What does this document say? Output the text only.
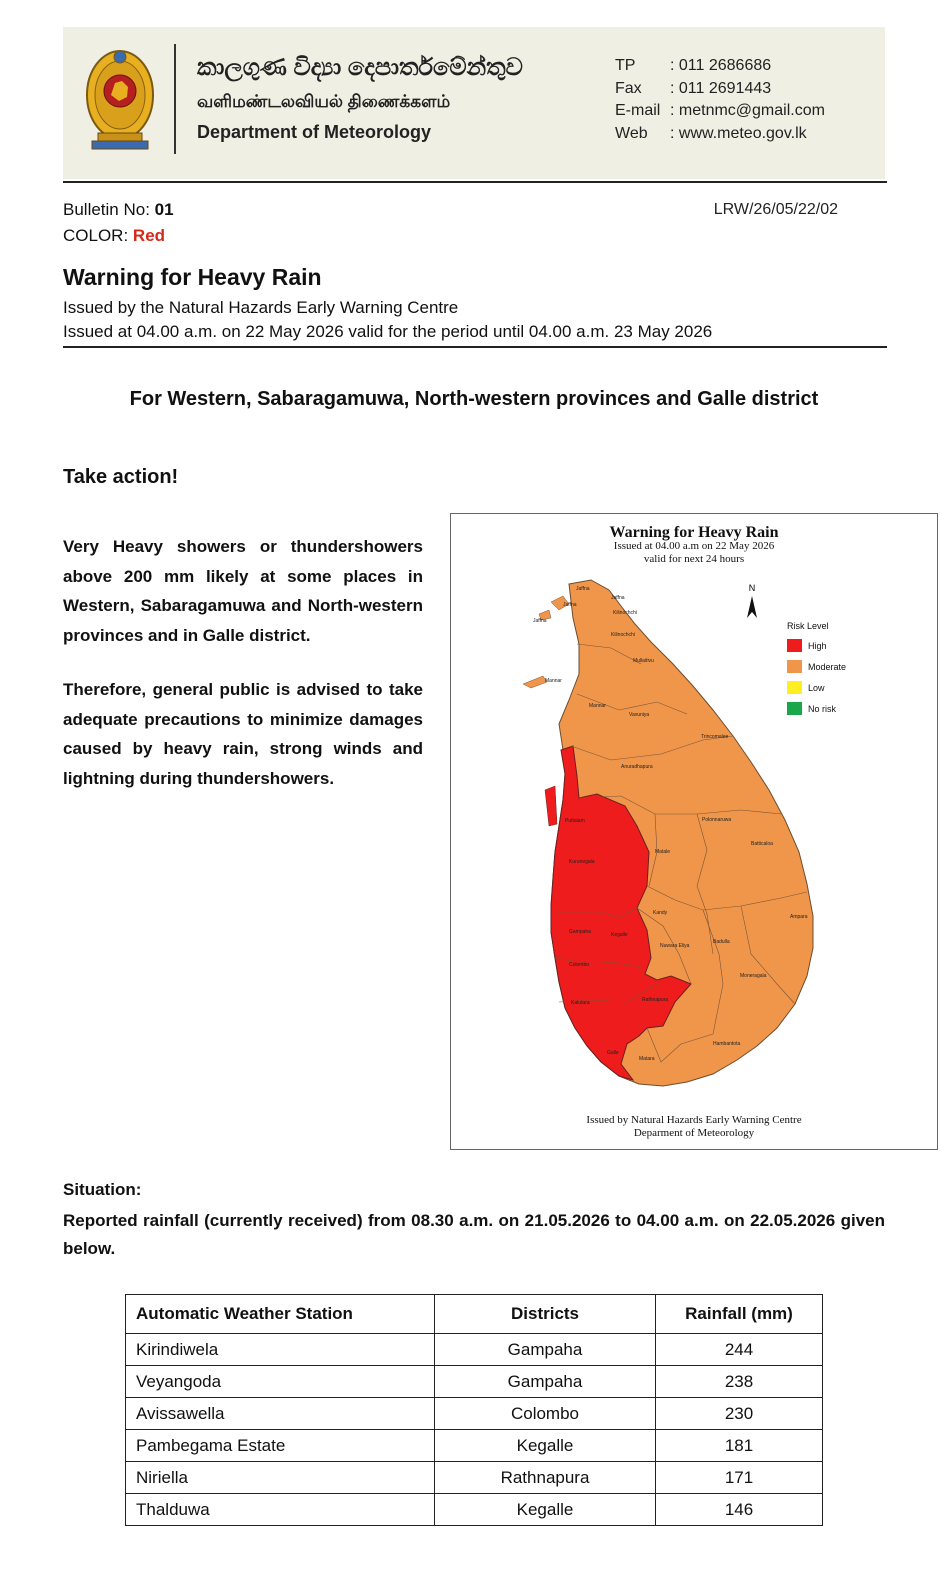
කාලගුණ විද්‍යා දෙපාර්තමේන්තුව
வளிமண்டலவியல் திணைக்களம்
Department of Meteorology
TP	: 011 2686686
Fax	: 011 2691443
E-mail : metnmc@gmail.com
Web	: www.meteo.gov.lk
Bulletin No: 01
COLOR: Red
LRW/26/05/22/02
Warning for Heavy Rain
Issued by the Natural Hazards Early Warning Centre
Issued at 04.00 a.m. on 22 May 2026 valid for the period until 04.00 a.m. 23 May 2026
For Western, Sabaragamuwa, North-western provinces and Galle district
Take action!
Very Heavy showers or thundershowers above 200 mm likely at some places in Western, Sabaragamuwa and North-western provinces and in Galle district.
Therefore, general public is advised to take adequate precautions to minimize damages caused by heavy rain, strong winds and lightning during thundershowers.
Warning for Heavy Rain
Issued at 04.00 a.m on 22 May 2026
valid for next 24 hours
N
Jaffna
Jaffna
Jaffna
Jaffna
Kilinochchi
Kilinochchi
Mullaitivu
Mannar
Mannar
Vavuniya
Trincomalee
Anuradhapura
Puttalam	Polonnaruwa
Batticaloa
Kurunegala
Matale
Kandy
Ampara
Gampaha	Kegalle
Nuwara Eliya
Badulla
Colombo
Moneragala
Kalutara	Rathnapura
Hambantota
Galle
Matara
Risk Level
High
Moderate
Low
No risk
Issued by Natural Hazards Early Warning Centre
Deparment of Meteorology
Situation:
Reported rainfall (currently received) from 08.30 a.m. on 21.05.2026 to 04.00 a.m. on 22.05.2026 given below.
Automatic Weather Station	Districts	Rainfall (mm)
Kirindiwela	Gampaha	244
Veyangoda	Gampaha	238
Avissawella	Colombo	230
Pambegama Estate	Kegalle	181
Niriella	Rathnapura	171
Thalduwa	Kegalle	146
